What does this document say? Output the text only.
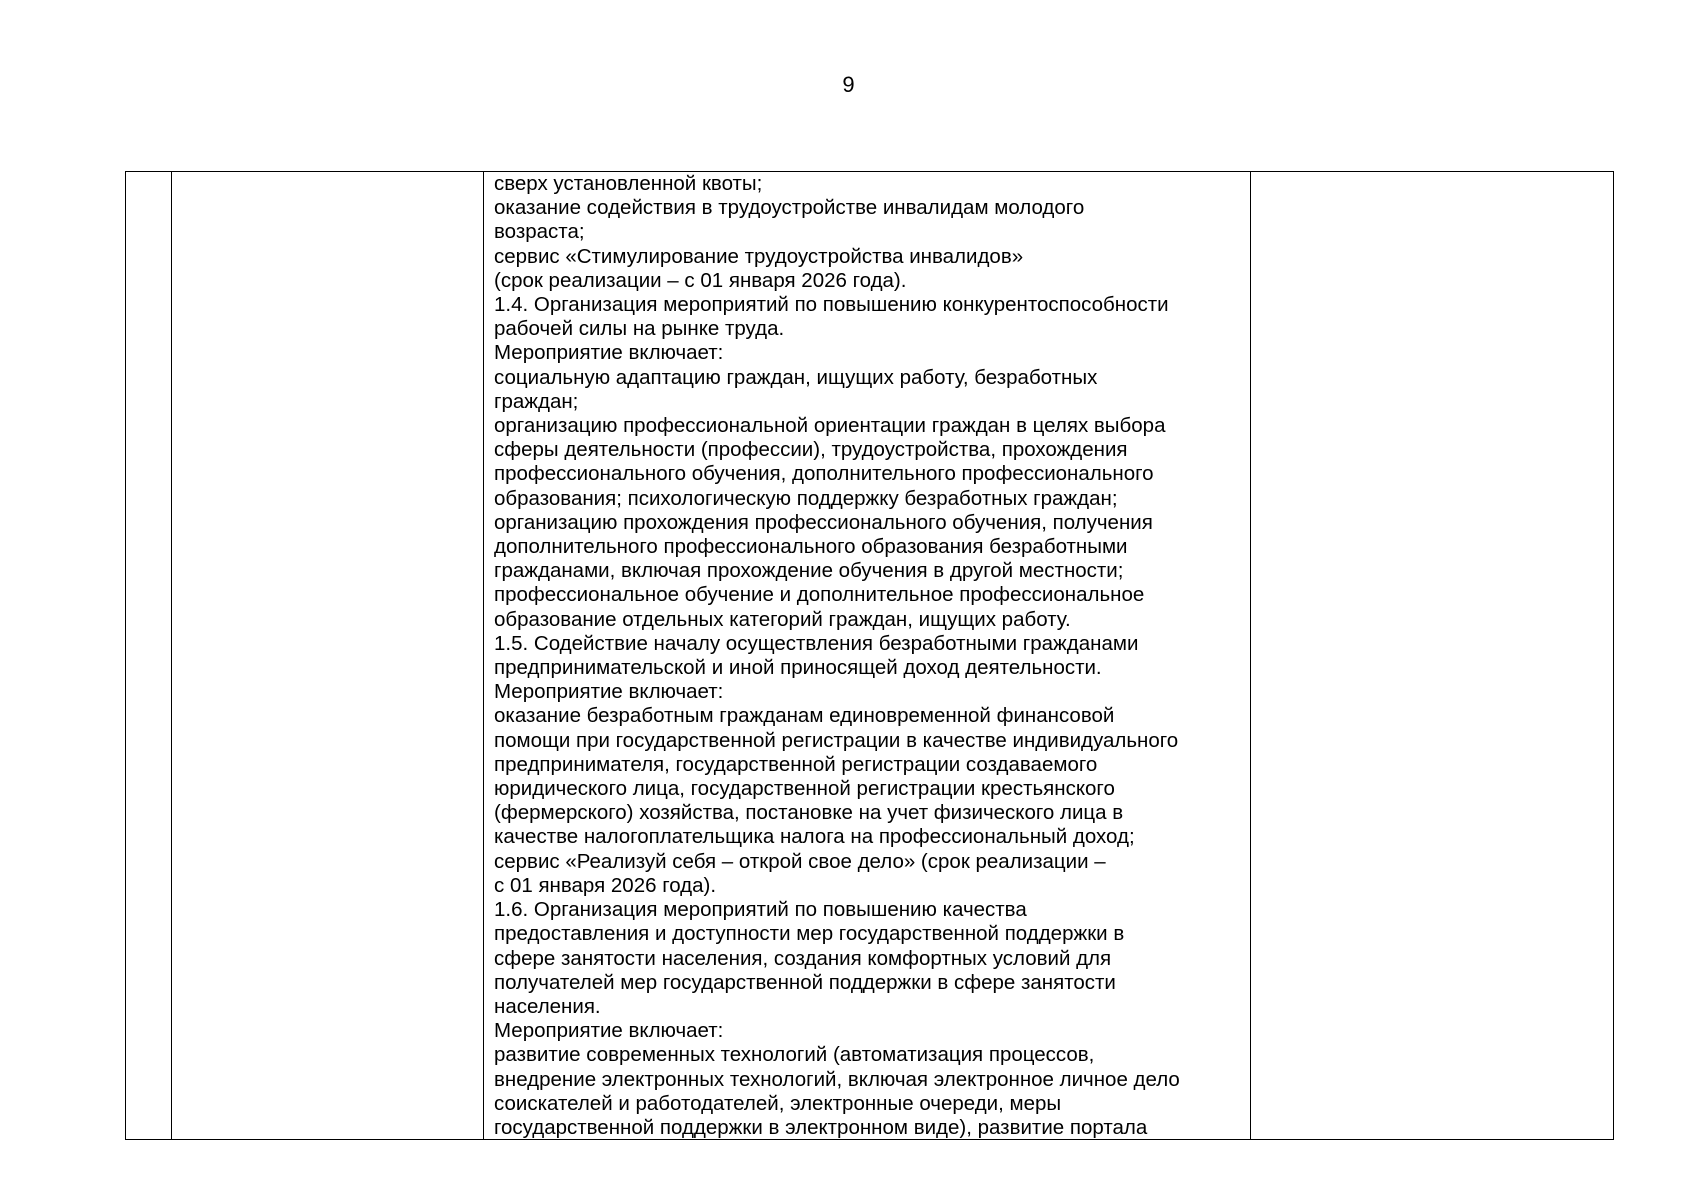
9
сверх установленной квоты;
оказание содействия в трудоустройстве инвалидам молодого
возраста;
сервис «Стимулирование трудоустройства инвалидов»
(срок реализации – с 01 января 2026 года).
1.4. Организация мероприятий по повышению конкурентоспособности
рабочей силы на рынке труда.
Мероприятие включает:
социальную адаптацию граждан, ищущих работу, безработных
граждан;
организацию профессиональной ориентации граждан в целях выбора
сферы деятельности (профессии), трудоустройства, прохождения
профессионального обучения, дополнительного профессионального
образования; психологическую поддержку безработных граждан;
организацию прохождения профессионального обучения, получения
дополнительного профессионального образования безработными
гражданами, включая прохождение обучения в другой местности;
профессиональное обучение и дополнительное профессиональное
образование отдельных категорий граждан, ищущих работу.
1.5. Содействие началу осуществления безработными гражданами
предпринимательской и иной приносящей доход деятельности.
Мероприятие включает:
оказание безработным гражданам единовременной финансовой
помощи при государственной регистрации в качестве индивидуального
предпринимателя, государственной регистрации создаваемого
юридического лица, государственной регистрации крестьянского
(фермерского) хозяйства, постановке на учет физического лица в
качестве налогоплательщика налога на профессиональный доход;
сервис «Реализуй себя – открой свое дело» (срок реализации –
с 01 января 2026 года).
1.6. Организация мероприятий по повышению качества
предоставления и доступности мер государственной поддержки в
сфере занятости населения, создания комфортных условий для
получателей мер государственной поддержки в сфере занятости
населения.
Мероприятие включает:
развитие современных технологий (автоматизация процессов,
внедрение электронных технологий, включая электронное личное дело
соискателей и работодателей, электронные очереди, меры
государственной поддержки в электронном виде), развитие портала
